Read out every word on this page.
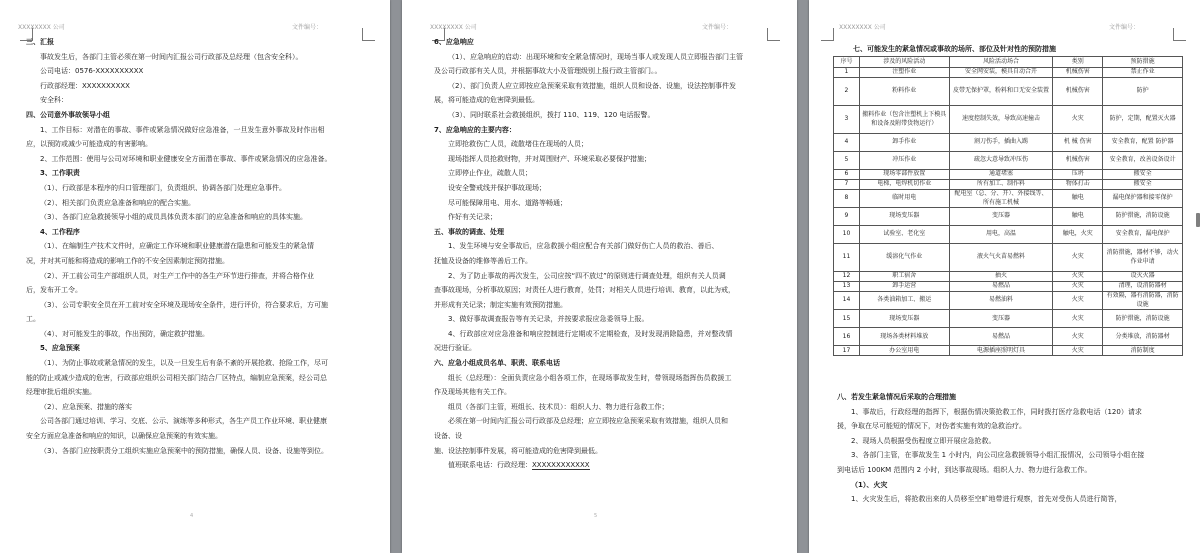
XXXXXXXX 公司	文件编号：

三、汇报

事故发生后，各部门主管必须在第一时间内汇报公司行政部及总经理（包含安全科）。

公司电话：0576-XXXXXXXXXX

行政部经理：XXXXXXXXXX

安全科：

四、公司意外事故领导小组

1、工作目标：对潜在的事故、事件或紧急情况做好应急准备，一旦发生意外事故及时作出相

应，以预防或减少可能造成的有害影响。

2、工作范围：使用与公司对环境和职业健康安全方面潜在事故、事件或紧急情况的应急准备。

3、工作职责

（1）、行政部是本程序的归口管理部门，负责组织、协调各部门处理应急事件。

（2）、相关部门负责应急准备和响应的配合实施。

（3）、各部门应急救援领导小组的成员具体负责本部门的应急准备和响应的具体实施。

4、工作程序

（1）、在编制生产技术文件时，应确定工作环境和职业健康潜在隐患和可能发生的紧急情

况，并对其可能和将造成的影响工作的不安全因素制定预防措施。

（2）、开工前公司生产部组织人员，对生产工作中的各生产环节进行排查，并将合格作业

后，发布开工令。

（3）、公司专职安全员在开工前对安全环境及现场安全条件，进行评价，符合要求后，方可施

工。

（4）、对可能发生的事故，作出预防，确定救护措施。

5、应急预案

（1）、为防止事故或紧急情况的发生，以及一旦发生后有条不紊的开展抢救、抢险工作，尽可

能的防止或减少造成的危害，行政部应组织公司相关部门结合厂区特点，编制应急预案，经公司总

经理审批后组织实施。

（2）、应急预案、措施的落实

公司各部门通过培训、学习、交底、公示、演练等多种形式，各生产员工作业环境、职业健康

安全方面应急准备和响应的知识，以确保应急预案的有效实施。

（3）、各部门应按职责分工组织实施应急预案中的预防措施，确保人员、设备、设施等到位。

4
XXXXXXXX 公司	文件编号：

6、应急响应

（1）、应急响应的启动：出现环境和安全紧急情况时，现场当事人或发现人员立即报告部门主管

及公司行政部有关人员，并根据事故大小及管理级别上报行政主管部门。。

（2）、部门负责人应立即按应急预案采取有效措施，组织人员和设备、设施，设法控制事件发

展，将可能造成的危害降到最低。

（3）、同时联系社会救援组织，拨打 110、119、120 电话报警。

7、应急响应的主要内容：

立即抢救伤亡人员，疏散堵住在现场的人员；

现场指挥人员抢救财物，并对周围财产、环境采取必要保护措施；

立即停止作业，疏散人员；

设安全警戒线并保护事故现场；

尽可能保障用电、用水、道路等畅通；

作好有关记录；

五、事故的调查、处理

1、发生环境与安全事故后，应急救援小组应配合有关部门做好伤亡人员的救治、善后、

抚恤及设备的维修等善后工作。

2、为了防止事故的再次发生，公司应按“四不放过”的原则进行调查处理，组织有关人员调

查事故现场，分析事故原因；对责任人进行教育，处罚；对相关人员进行培训、教育，以此为戒，

并形成有关记录；制定实施有效预防措施。

3、做好事故调查报告等有关记录，并按要求报应急委领导上报。

4、行政部应对应急准备和响应控制进行定期或不定期检查，及时发现消除隐患，并对整改情

况进行验证。

六、应急小组成员名单、职责、联系电话

组长（总经理）：全面负责应急小组各项工作，在现场事故发生时，带领现场指挥伤员救援工

作及现场其他有关工作。

组员（各部门主管，班组长、技术员）：组织人力、物力进行急救工作；

必须在第一时间内汇报公司行政部及总经理；应立即按应急预案采取有效措施，组织人员和

设备、设

施、设法控制事件发展，将可能造成的危害降到最低。

值班联系电话：行政经理：XXXXXXXXXXXX

5
XXXXXXXX 公司	文件编号：
七、可能发生的紧急情况或事故的场所、部位及针对性的预防措施
序号	涉及的风险活动	风险活动场合	类别	预防措施
1	注塑作业	安全网安装，模具自动合开	机械伤害	禁止作业
2	粉料作业	皮带无保护罩，粉料和口无安全装置	机械伤害	防护
3	搬料作业（包含注塑机上下模具和设备及附带货物运行）	速度控制失效，导致高速撞击	火灾	防护，定期，配置灭火器
4	卸手作业	割刀伤手，插曲入踢	机 械 伤害	安全教育，配置 防护器
5	冲压作业	疏忽大意导致冲压伤	机械伤害	安全教育，改善设备设计
6	现场零部件放置	通道堵塞	压坍	搬安全
7	电梯，电焊机切作业	所有加工、制作料	物体打击	搬安全
8	临时用电	配电室（总、分、开）、外接线等、所有施工机械	触电	漏电保护器和接零保护
9	现场变压器	变压器	触电	防护措施，消防设施
10	试验室、老化室	用电，高温	触电，火灾	安全教育，漏电保护
11	缓溶化气作业	液火气火苗易燃料	火灾	消防措施，器材不够，动火作业申请
12	职工宿舍	抽火	火灾	设灭火器
13	卸手运营	易燃品	火灾	清理，设消防器材
14	各类油箱加工、搬运	易燃油料	火灾	有效隔，器有消防器，消防设施
15	现场变压器	变压器	火灾	防护措施，消防设施
16	现场各类材料堆放	易燃品	火灾	分类堆放，消防器材
17	办公室用电	电源插座照明灯具	火灾	消防制度

八、若发生紧急情况后采取的合理措施

1、事故后，行政经理的指挥下，根据伤情决策抢救工作，同时拨打医疗急救电话（120）请求

援，争取在尽可能短的情况下，对伤者实施有效的急救治疗。

2、现场人员根据受伤程度立即开展应急抢救。

3、各部门主管，在事故发生 1 小时内，向公司应急救援领导小组汇报情况，公司领导小组在接

到电话后 100KM 范围内 2 小时，到达事故现场。组织人力、物力进行急救工作。

（1）、火灾

1、火灾发生后，将抢救出来的人员移至空旷地带进行观察，首先对受伤人员进行简答，
